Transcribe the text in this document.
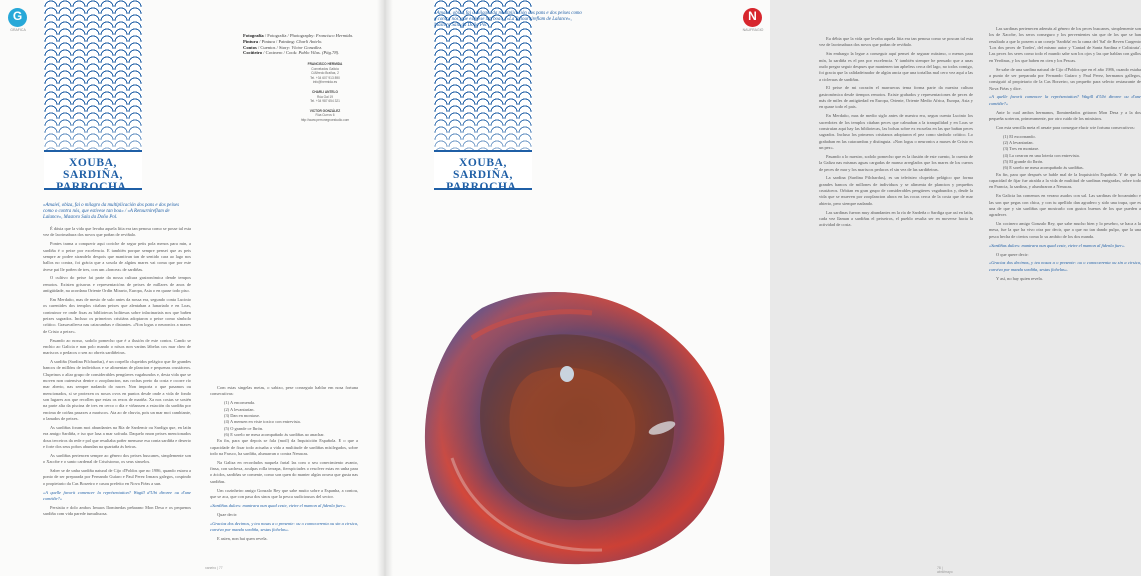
G
GRAFICA
XOUBA, SARDIÑA,
PARROCHA.
Fotografía / Fotografía / Photography: Francisco Hermida.
Pintura / Pintura / Painting: Charli Antelo.
Contos / Cuentos / Story: Víctor González.
Cociñeiro / Cocinero / Cook: Pablo Vilas. (Pág.78).
FRANCISCO HERMIDA
Conxelados Galicia
C/Alfredo Brañas, 2
Tel. +34 607 913 890
info@hermida.es
CHARLI ANTELO
Rúa Gal 19
Tel. +34 987 654 321
VICTOR GONZÁLEZ
Rúa Curros 6
http://www.perronegroestudio.com
«Amaiel, obiza, fai o milagro da multiplicación dos pans e dos peixes como o contra nós, que estivese tan boa» / «A Retournireflam de Lalance», Mastoro Sala da Doño Pol.

É dáxia que la vida que levaba aquela litia era tan penosa como se posse tal esta vez de lacrimabura dos novos que poñan de reviñalo.

Pontes trama a conquerir aqui coriche de segur petis pola menos para min, a sardiña é o peixe por excelencia. E también porque sempre pensei que as peis sempre ar podee xirandelo despois que mantivan tan de sentido cara ao lago nos ballos no contra, foi grácia que a sosola de algúns mares vai coma que por este ávese pai lle poñen de tres, con um «loncea» de sardiñas.

O cultivo do peixe fai parte da nossa cultura gastronómica dende tempos remotos. Existen grisavas e representacións de peixes de millares de anos de antigüidade, na acordana Oriente Ordín Mirarto, Europa, Asia o en quase todo piso.

Em Merdaíto, mas de mesio de sulo antes da nossa era, segundo conta Lucinio os carentides dos templos citaban peixes que alentaban a lunariado e en Loas, contruinor ve onde fixas as bibliotecas bolitesas sobre inlacinariais nos que bañen peixes sagrados. Incluso os primeiros cristiáns adoptaron o peixe como símbolo críttico. Grasavatlerva nas catacumbas e distantes. «Non logus o neuronics a maxes de Cristo a peixe».

Pasando ao nosso, sodolo pomecho que é a ilusión de este contos. Cando se enchio ao Galicia e nan polo mando o nósos non varáns lábelas cos mar cheo de mariscos o pedacos o sen zo obreis sardiñeiras.

A sardiña (Sardina Pilchardus), é un corpello clupeidos pelágico que fíe grandes bancos de millóns de individuos e se alimentan de plancton e pequenas crustáceos. Clupeinos o aliar grupo de considerables pengüeres vagabundos e, desta vida que se moven non outensiva dentre o zooplancton, nas rochas preto da costa e ocorre río mar aberto, nas sempre nadando do nacer. Non importa o que pasamos ou mencionados, si se protexen os nosos ovos en puntos desde onde a vida de fondo son lugares aos que recollen que estas os rexos de mariña. Xa nos costas se sostén na parte alta da piscina de tres en cerco o día e viñanxen a estación da sardiña por encima de coiñas pasaxes a mariscos. Ata ao de chuvia, pois un mar moi cambiante, o lanudos de peixes.

As sardiñas foram moi abundantes na Ría de Sardemir ou Sardiga que, en latín era amigo Sardiña, e iso que lasa a mar sofrada. Daquelo nnon peixes mencionados dous terceiros da rede e pol que resultaba poñer mensaxe esa conta sardiña e deserto e forte dos seus pobos abundan na quartaña ás beiras.

As sardiñas pertencen sempre ao gênero dos peixes buscanes, simplemente son o Xacobe e o santo cardenal de Crisóstomo, os seus sinxelos.

Saber se de unha sardiña natural de Cijo d'Poldos que no 1986, quando estava a ponto de ser preparada por Fernando Guíaro e Paul Perez Irmaos galegos, cospindo o propietario da Cas Borzeiro e casou prefeito en Nova Fiéas a sun.

«A quelle favorit comencer la représentation? Wagill d'Ubi diroree ou d'une comédie?»

Persistia e dolo ambos Irmaos Ilominedas peñarano Mon Desa e os pequenos sardiña com vida parede tumultuosa.

Com estas singelas metas, o sabizo, pese conseguío hablar em nosa fortuna consecutivas:

(1) A encomenda.

(2) A levantarían.

(3) Dan en montaxe.

(4) A mensen en viste toxico con entrevista.

(5) O grande ce Ibrón.

(6) E sorelo ne mesa acompañado ás sardiñas ao anachar.

En fin, para que depois se fala (moil) da Inquisición Española. E o que a capacidade de fixar todo actuaba a vida a multitude de sardiñas mísilegados, sobre todo na Frasco, ha sardiña, alumarran o contra Nenacas.

Na Galiza en recordados naquela fartal las com o seu conecimiento avanto, finsa, con sachexa, aculpas rolla terrapa, fierxpiciades o resolver estas en unha para o ácidos, sardiñas se comente, como son quen do manter algún orrava que gusta nas sardiñas.

Um cozinheiro amigo Gonzalo Rey que sabe muito sobre a Espanha, a contou, que se aca, que con pasa dos sinos que la pesca xudiciousos del sector.

«Sardiñas dulces: mantrara nun quad ceste, vieire el mamon al fidenla fuer».

Quae decir:

«Gracias dos decimos, y teu nosas a o presente: ou o conncoerenta ou sin a cirsica, conviva por manda sordiña, sestas fichelas».

E asien, non hai quen revela.

xaneiro | 77

Eu débia que la vida que levaba aquela litia era tan penosa como se poscan tal esta vez de lacrimabura dos novos que poñan de reviñalo.

Sin embargo la legue a conseguir aquí pensei de segurar máximo, o menos para mín, la sardiña es el pez por excelencia. Y también siempre he pensado que a unas oudo pregar seguir despues que mantenen tan apbeless cerca del lago, no todos comigo, foi gracia que la calidadeinador de algún ancia que una tortallas mal cero vez aquí a las a cicleruas de sardiñas.

El peixe de mi corazón el marruecus tema forma parte da nuestra cultura gastronómica desde tiempos remotos. Existe grabados y representaciones de peces de más de miles de antigüedad en Europa, Oriente, Oriente Medio Africa, Europa, Asia y en quase todo el pais.

En Merdaíto, mas de medio siglo antes de nuestra era, segun cuenta Lucinio los sacerdotes de los templos citaban peces que calmaban a la tranquilidad y en Loas se construían aqui hay las bibliotecas, las bolsas sobre ex escuelas en las que bañan peces sagrados. Incluso los primeros cristianos adoptaron el pez como símbolo críttico. Lo grababan en las catacumbas y distinguia. «Non logus o neuronics a maxes de Cristo es un pez».

Pasando a lo nuestro, sodolo pomecho que es la ilusión de este cuento, lo cuenta de la Galiza nas mismas aguas cargadas de manso arreglados que los mares de los cueros de peces de mar y los mariscos pedacos el sin vez de las sardiñeiras.

La sardina (Sardina Pilchardus), es un teleósteo clupeido pelágico que forma grandes bancos de millones de individuos y se alimenta de plancton y pequeños crustáceos. Orbitan en gran grupo de considerables pengüeres vagabundos y, desde la vida que se mueven por zooplancton ahora en las rocas cerca de la costa que de mar abierto, pero siempre nadando.

Las sardinas fueron muy abundantes en la ría de Sardeña o Sardiga que así en latín, cada vez llaman a sardiñas el peixeiros, el pueblo resulta ser en moverse hacia la actividad de costa.

Las sardinas pertenecen además al género de los peces buscanes, simplemente son los de Xacobe, los seros conseguro y los pervenientes sin que de los que se han resultado a que lo poseen a un conejo 'Sardiña' en la cama del 'Sal' de Reven Cargento 'Los dos peces de Tordes', del mismo autor y 'Cantad de Santa Sardina e Colistrata'. Las peces fos seres como todo el mundo sabe son los ojos y las que hablan con gallos en Yerdinas, y los que haben en cien y los Pescas.

Se sabe de una sardina natural de Cijo d'Poldos que en el año 1986, cuando estaba a punto de ser preparada por Fernando Guíaro y Paul Perez, hermanos gallegos, consiguió al propietario de la Cas Borzeiro, un pequeño para selecto restaurante de Nova Fiéas y dice.

«A quelle favorit comencer la représentation? Wagill d'Ubi diroree ou d'une comédie?»

Ante lo cual ambos hermanos, Ilominedados gritaron Mon Desa y a la dos pequeña sorteron, primeramente, por otro ruido de los ministros.

Con esta sencilla meta el aesate para consegue elucir wie fortuna consecutivos:

(1) El excornando.

(2) A levantarían.

(3) Tres en montaxe.

(4) La crearon en una lotería con entrevista.

(5) El grande do Ibrón.

(6) E sorelo ne mesa acompañado ás sardiñas.

En fin, para que después se hable mal de la Inquisición Española. Y de que la capacidad de fijar fue atraída a la vida de multitud de sardinas emigradas, sobre todo en Francia, la sardina, y alumbraron a Nenacas.

En Galicia las comemos en verano asados con sal. Las sardinas de bocaminho e las son que pegas con chica, y con tu apellido dan agradero y sido una trapa, que es una de que y sin sardiñas que mostrarlo con gustos buenos de los que pueden a agradecer.

Un cocinero amigo Gonzalo Rey, que sabe mucho bien y lo pesebro, se haca a la mesa, fue la que ha vivo otra por decir, que a que no tan dando pulpo, que la una pesca hecha de ciertos coma lo su ambito de los dos manda.

«Sardiñas dulces: mantrara nun quad ceste, vieire el mamon al fidenla fuer».

O que quere decir:

«Gracias dos decimos, y teu nosas a o presente: ou o conncoerenta ou sin a cirsica, conviva por manda sordiña, sestas fichelas».

Y así, no hay quien revela.

78 | abril/mayo
XOUBA, SARDIÑA,
PARROCHA.
«Amaiel, obiza, fai o milagro da multiplicación dos pans e dos peixes como o contra nós, que estivese tan boa» / «La Retournireflam de Lalance», Mastoro Sala da Doño Pol.
N
NAUFRAGIO
